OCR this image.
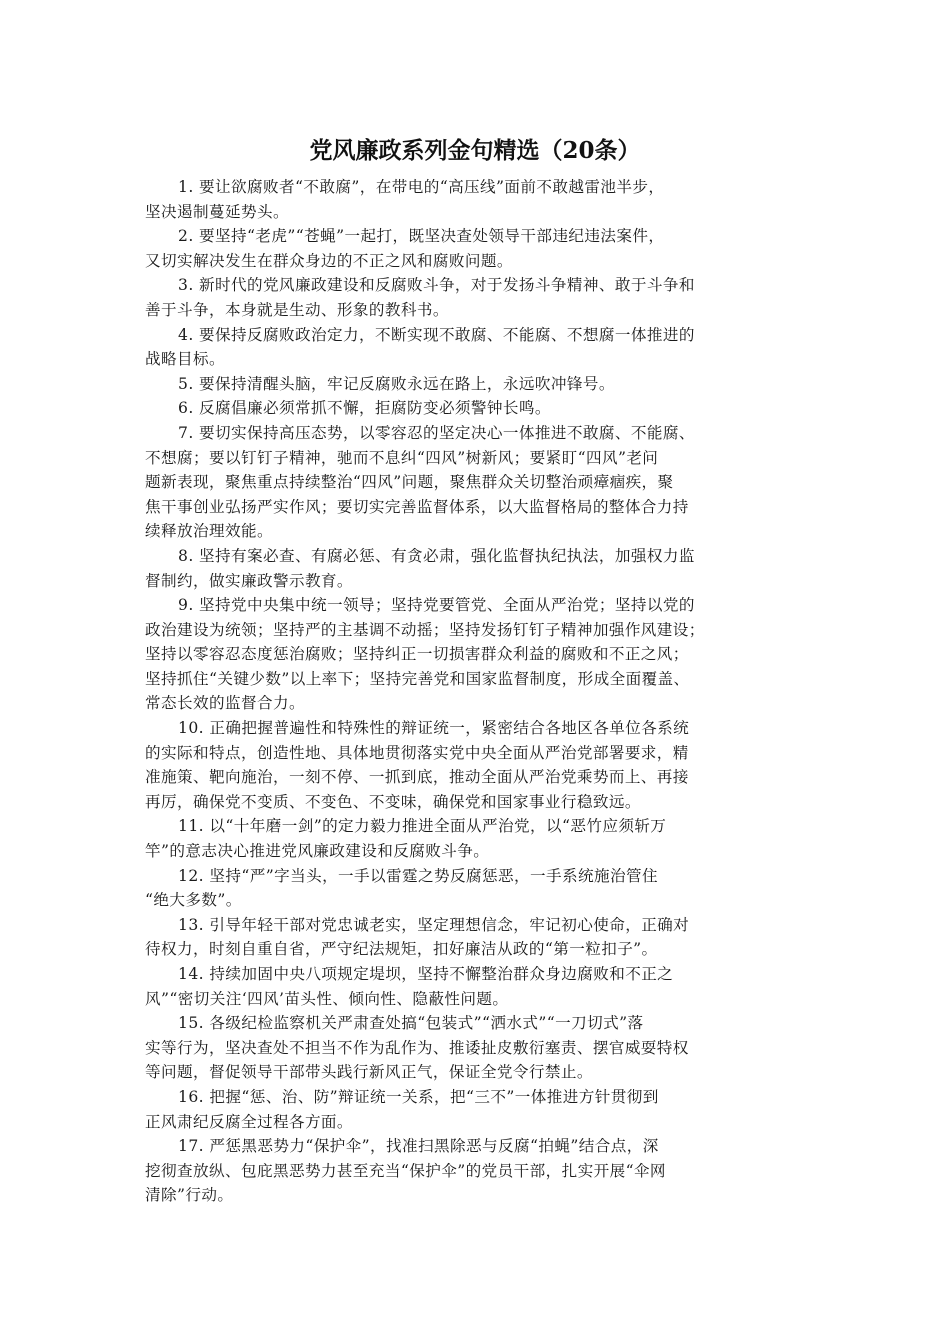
党风廉政系列金句精选（20条）

1. 要让欲腐败者“不敢腐”，在带电的“高压线”面前不敢越雷池半步，
坚决遏制蔓延势头。

2. 要坚持“老虎”“苍蝇”一起打，既坚决查处领导干部违纪违法案件，
又切实解决发生在群众身边的不正之风和腐败问题。

3. 新时代的党风廉政建设和反腐败斗争，对于发扬斗争精神、敢于斗争和
善于斗争，本身就是生动、形象的教科书。

4. 要保持反腐败政治定力，不断实现不敢腐、不能腐、不想腐一体推进的
战略目标。

5. 要保持清醒头脑，牢记反腐败永远在路上，永远吹冲锋号。

6. 反腐倡廉必须常抓不懈，拒腐防变必须警钟长鸣。

7. 要切实保持高压态势，以零容忍的坚定决心一体推进不敢腐、不能腐、
不想腐；要以钉钉子精神，驰而不息纠“四风”树新风；要紧盯“四风”老问
题新表现，聚焦重点持续整治“四风”问题，聚焦群众关切整治顽瘴痼疾，聚
焦干事创业弘扬严实作风；要切实完善监督体系，以大监督格局的整体合力持
续释放治理效能。

8. 坚持有案必查、有腐必惩、有贪必肃，强化监督执纪执法，加强权力监
督制约，做实廉政警示教育。

9. 坚持党中央集中统一领导；坚持党要管党、全面从严治党；坚持以党的
政治建设为统领；坚持严的主基调不动摇；坚持发扬钉钉子精神加强作风建设；
坚持以零容忍态度惩治腐败；坚持纠正一切损害群众利益的腐败和不正之风；
坚持抓住“关键少数”以上率下；坚持完善党和国家监督制度，形成全面覆盖、
常态长效的监督合力。

10. 正确把握普遍性和特殊性的辩证统一，紧密结合各地区各单位各系统
的实际和特点，创造性地、具体地贯彻落实党中央全面从严治党部署要求，精
准施策、靶向施治，一刻不停、一抓到底，推动全面从严治党乘势而上、再接
再厉，确保党不变质、不变色、不变味，确保党和国家事业行稳致远。

11. 以“十年磨一剑”的定力毅力推进全面从严治党，以“恶竹应须斩万
竿”的意志决心推进党风廉政建设和反腐败斗争。

12. 坚持“严”字当头，一手以雷霆之势反腐惩恶，一手系统施治管住
“绝大多数”。

13. 引导年轻干部对党忠诚老实，坚定理想信念，牢记初心使命，正确对
待权力，时刻自重自省，严守纪法规矩，扣好廉洁从政的“第一粒扣子”。

14. 持续加固中央八项规定堤坝，坚持不懈整治群众身边腐败和不正之
风”“密切关注‘四风’苗头性、倾向性、隐蔽性问题。

15. 各级纪检监察机关严肃查处搞“包装式”“洒水式”“一刀切式”落
实等行为，坚决查处不担当不作为乱作为、推诿扯皮敷衍塞责、摆官威耍特权
等问题，督促领导干部带头践行新风正气，保证全党令行禁止。

16. 把握“惩、治、防”辩证统一关系，把“三不”一体推进方针贯彻到
正风肃纪反腐全过程各方面。

17. 严惩黑恶势力“保护伞”，找准扫黑除恶与反腐“拍蝇”结合点，深
挖彻查放纵、包庇黑恶势力甚至充当“保护伞”的党员干部，扎实开展“伞网
清除”行动。
